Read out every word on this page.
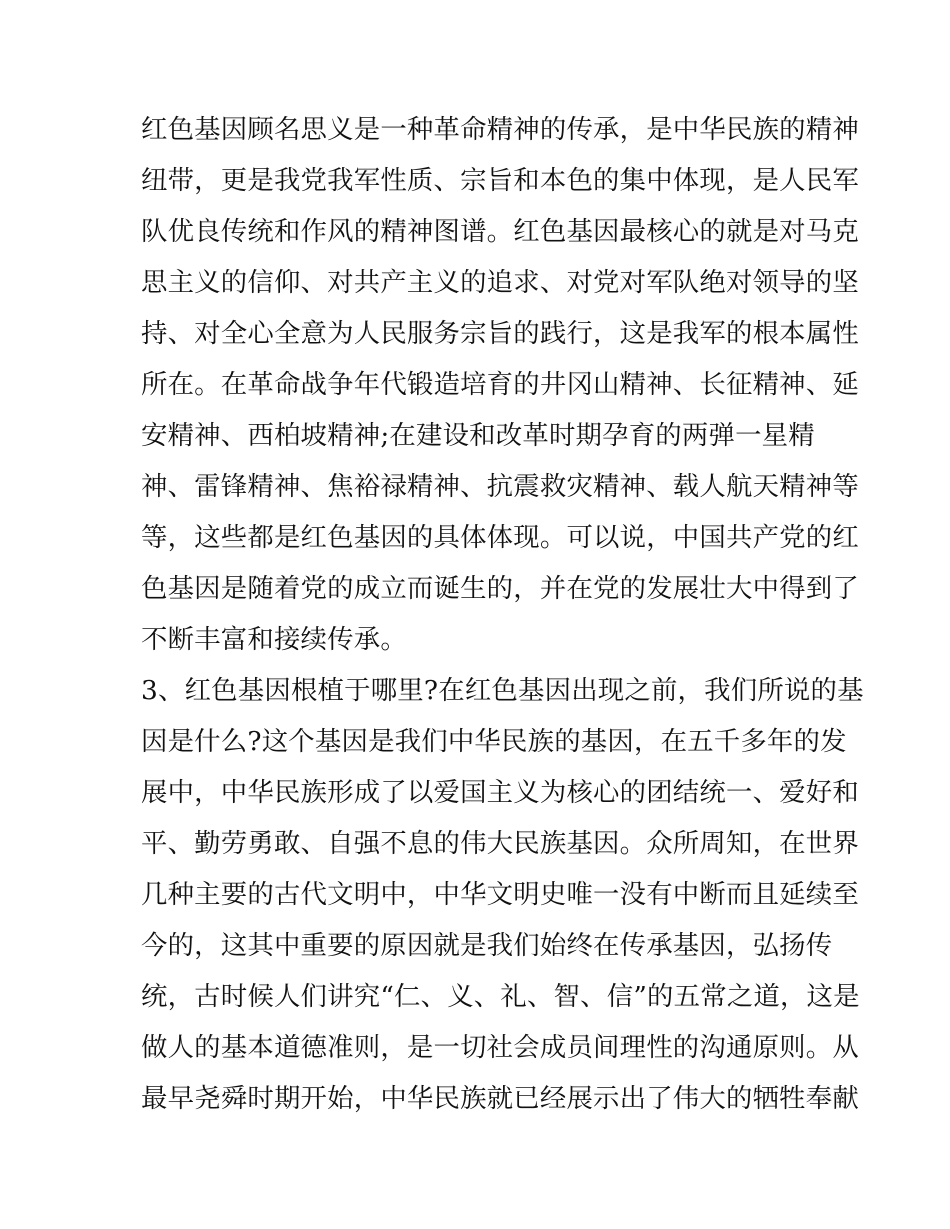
红色基因顾名思义是一种革命精神的传承，是中华民族的精神
纽带，更是我党我军性质、宗旨和本色的集中体现，是人民军
队优良传统和作风的精神图谱。红色基因最核心的就是对马克
思主义的信仰、对共产主义的追求、对党对军队绝对领导的坚
持、对全心全意为人民服务宗旨的践行，这是我军的根本属性
所在。在革命战争年代锻造培育的井冈山精神、长征精神、延
安精神、西柏坡精神;在建设和改革时期孕育的两弹一星精
神、雷锋精神、焦裕禄精神、抗震救灾精神、载人航天精神等
等，这些都是红色基因的具体体现。可以说，中国共产党的红
色基因是随着党的成立而诞生的，并在党的发展壮大中得到了
不断丰富和接续传承。
3、红色基因根植于哪里?在红色基因出现之前，我们所说的基
因是什么?这个基因是我们中华民族的基因，在五千多年的发
展中，中华民族形成了以爱国主义为核心的团结统一、爱好和
平、勤劳勇敢、自强不息的伟大民族基因。众所周知，在世界
几种主要的古代文明中，中华文明史唯一没有中断而且延续至
今的，这其中重要的原因就是我们始终在传承基因，弘扬传
统，古时候人们讲究“仁、义、礼、智、信”的五常之道，这是
做人的基本道德准则，是一切社会成员间理性的沟通原则。从
最早尧舜时期开始，中华民族就已经展示出了伟大的牺牲奉献
